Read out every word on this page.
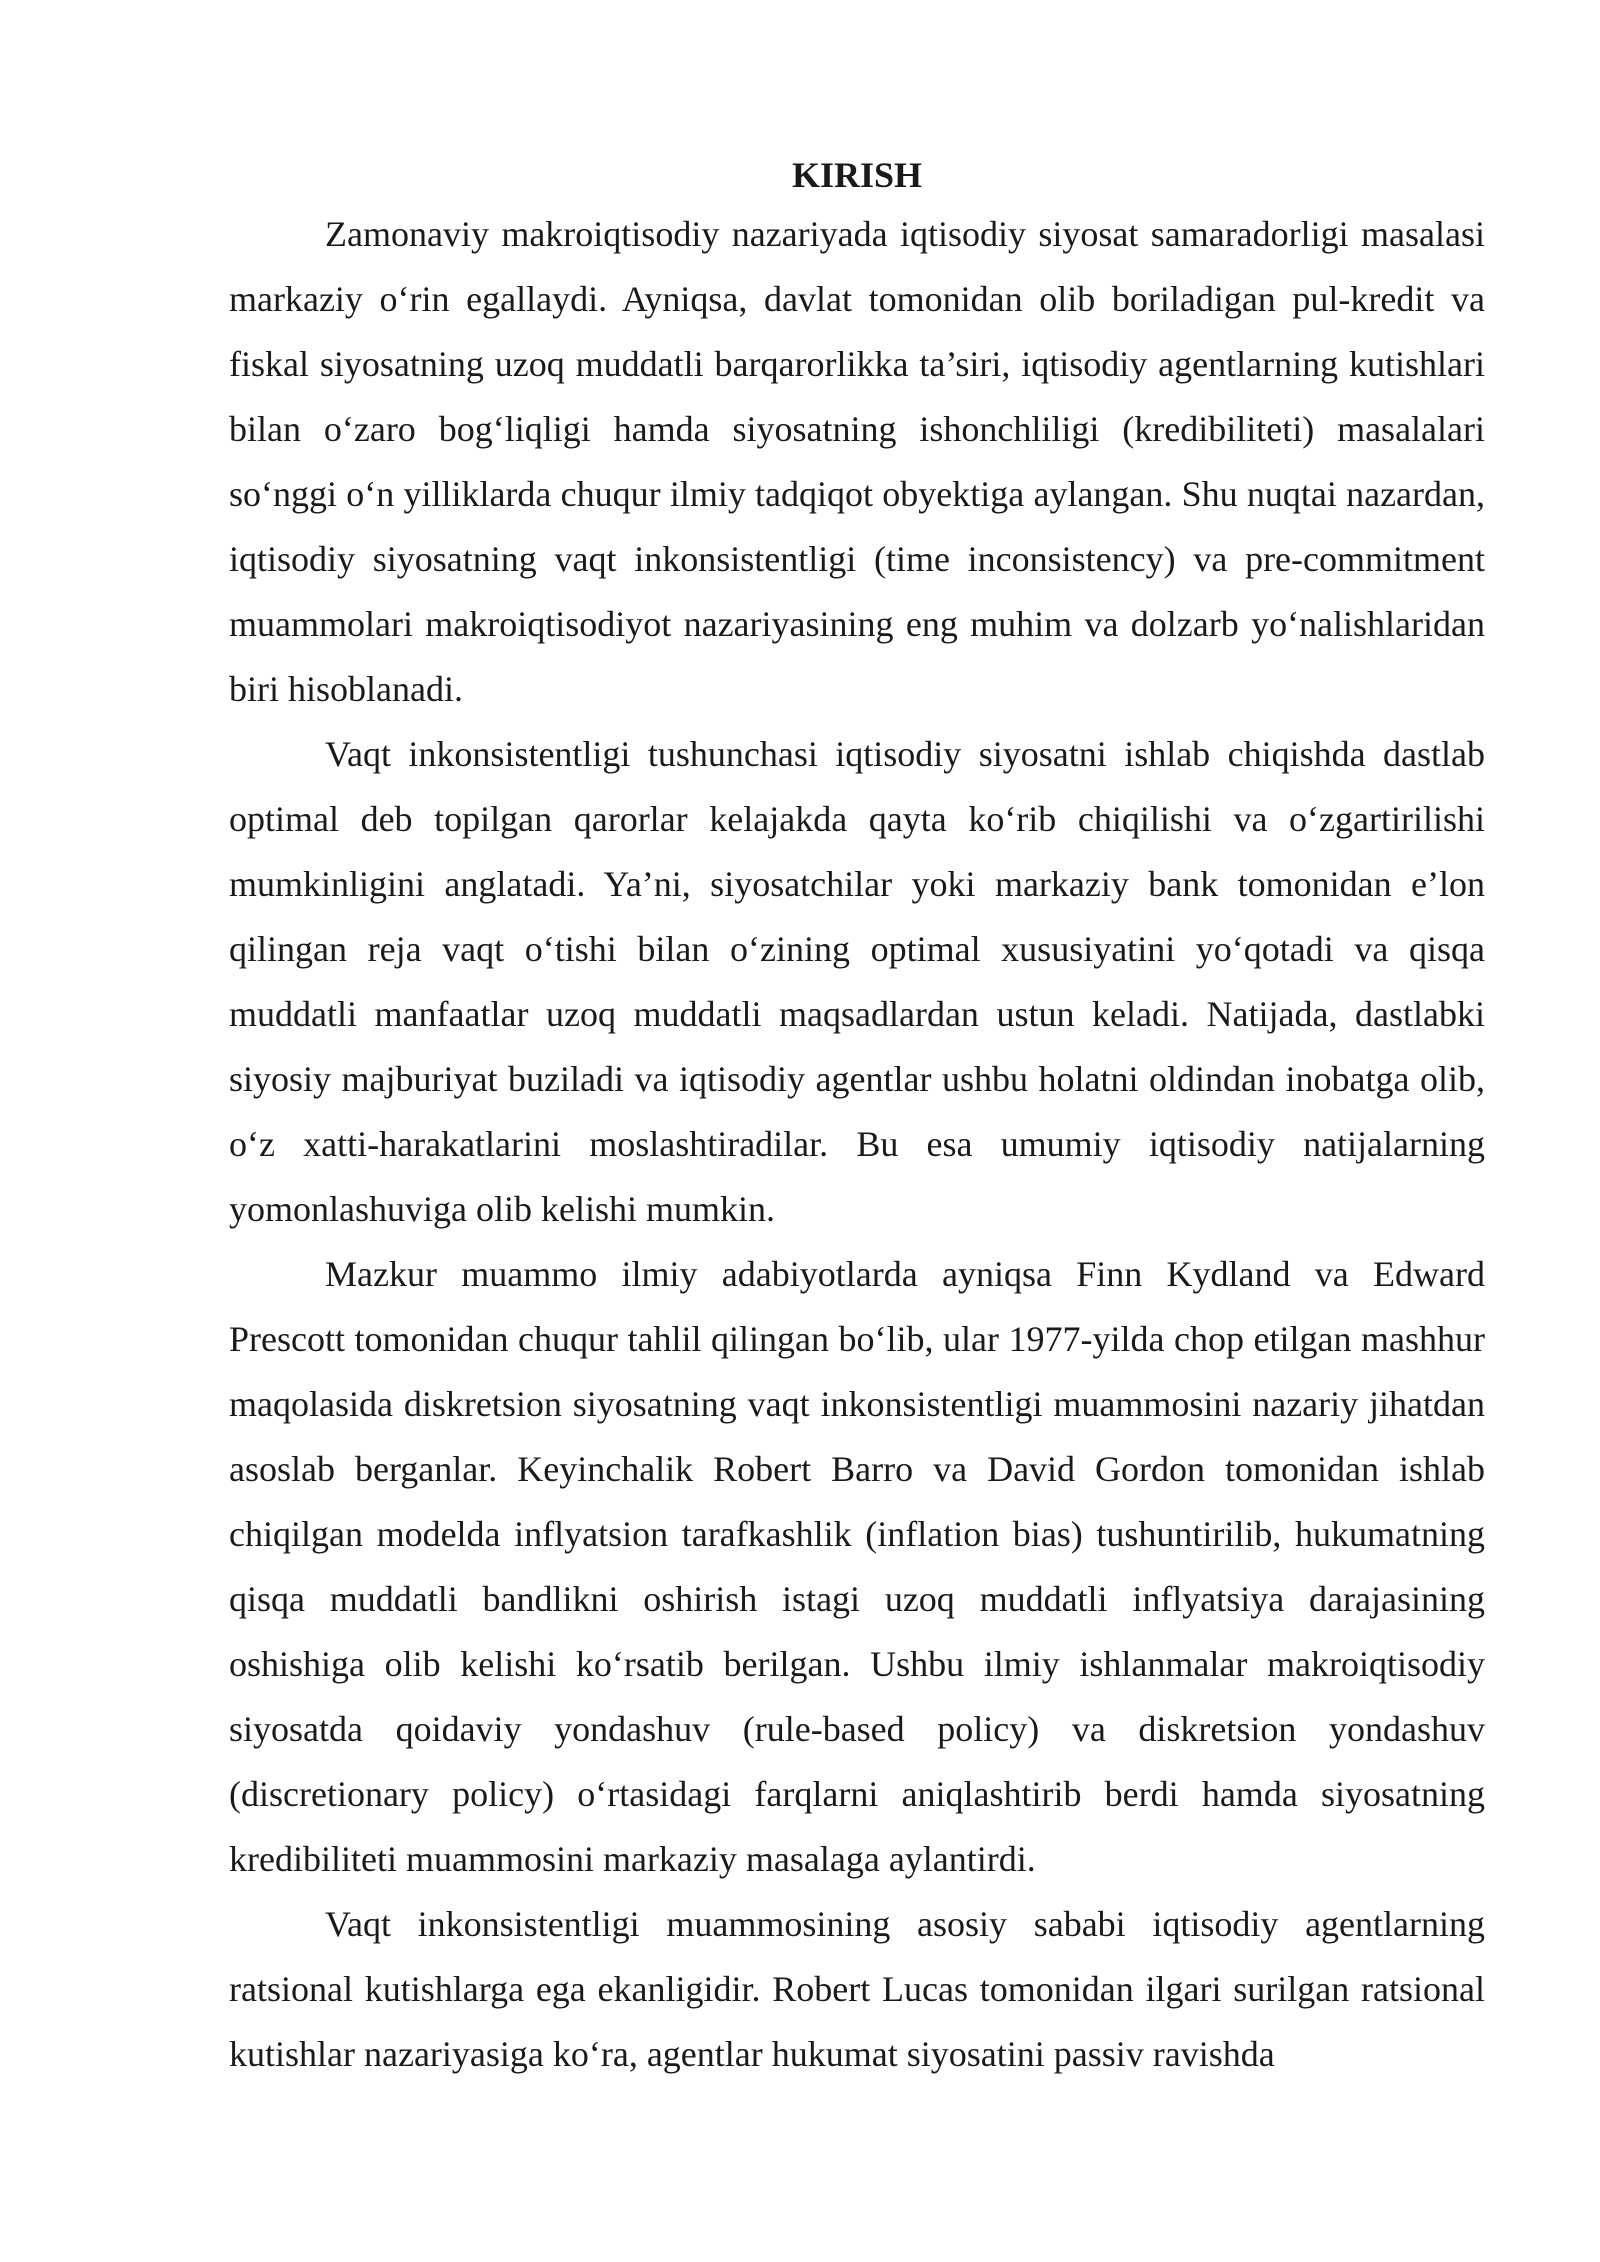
KIRISH

Zamonaviy makroiqtisodiy nazariyada iqtisodiy siyosat samaradorligi masalasi markaziy o‘rin egallaydi. Ayniqsa, davlat tomonidan olib boriladigan pul-kredit va fiskal siyosatning uzoq muddatli barqarorlikka ta’siri, iqtisodiy agentlarning kutishlari bilan o‘zaro bog‘liqligi hamda siyosatning ishonchliligi (kredibiliteti) masalalari so‘nggi o‘n yilliklarda chuqur ilmiy tadqiqot obyektiga aylangan. Shu nuqtai nazardan, iqtisodiy siyosatning vaqt inkonsistentligi (time inconsistency) va pre-commitment muammolari makroiqtisodiyot nazariyasining eng muhim va dolzarb yo‘nalishlaridan biri hisoblanadi.

Vaqt inkonsistentligi tushunchasi iqtisodiy siyosatni ishlab chiqishda dastlab optimal deb topilgan qarorlar kelajakda qayta ko‘rib chiqilishi va o‘zgartirilishi mumkinligini anglatadi. Ya’ni, siyosatchilar yoki markaziy bank tomonidan e’lon qilingan reja vaqt o‘tishi bilan o‘zining optimal xususiyatini yo‘qotadi va qisqa muddatli manfaatlar uzoq muddatli maqsadlardan ustun keladi. Natijada, dastlabki siyosiy majburiyat buziladi va iqtisodiy agentlar ushbu holatni oldindan inobatga olib, o‘z xatti-harakatlarini moslashtiradilar. Bu esa umumiy iqtisodiy natijalarning yomonlashuviga olib kelishi mumkin.

Mazkur muammo ilmiy adabiyotlarda ayniqsa Finn Kydland va Edward Prescott tomonidan chuqur tahlil qilingan bo‘lib, ular 1977-yilda chop etilgan mashhur maqolasida diskretsion siyosatning vaqt inkonsistentligi muammosini nazariy jihatdan asoslab berganlar. Keyinchalik Robert Barro va David Gordon tomonidan ishlab chiqilgan modelda inflyatsion tarafkashlik (inflation bias) tushuntirilib, hukumatning qisqa muddatli bandlikni oshirish istagi uzoq muddatli inflyatsiya darajasining oshishiga olib kelishi ko‘rsatib berilgan. Ushbu ilmiy ishlanmalar makroiqtisodiy siyosatda qoidaviy yondashuv (rule-based policy) va diskretsion yondashuv (discretionary policy) o‘rtasidagi farqlarni aniqlashtirib berdi hamda siyosatning kredibiliteti muammosini markaziy masalaga aylantirdi.

Vaqt inkonsistentligi muammosining asosiy sababi iqtisodiy agentlarning ratsional kutishlarga ega ekanligidir. Robert Lucas tomonidan ilgari surilgan ratsional kutishlar nazariyasiga ko‘ra, agentlar hukumat siyosatini passiv ravishda
